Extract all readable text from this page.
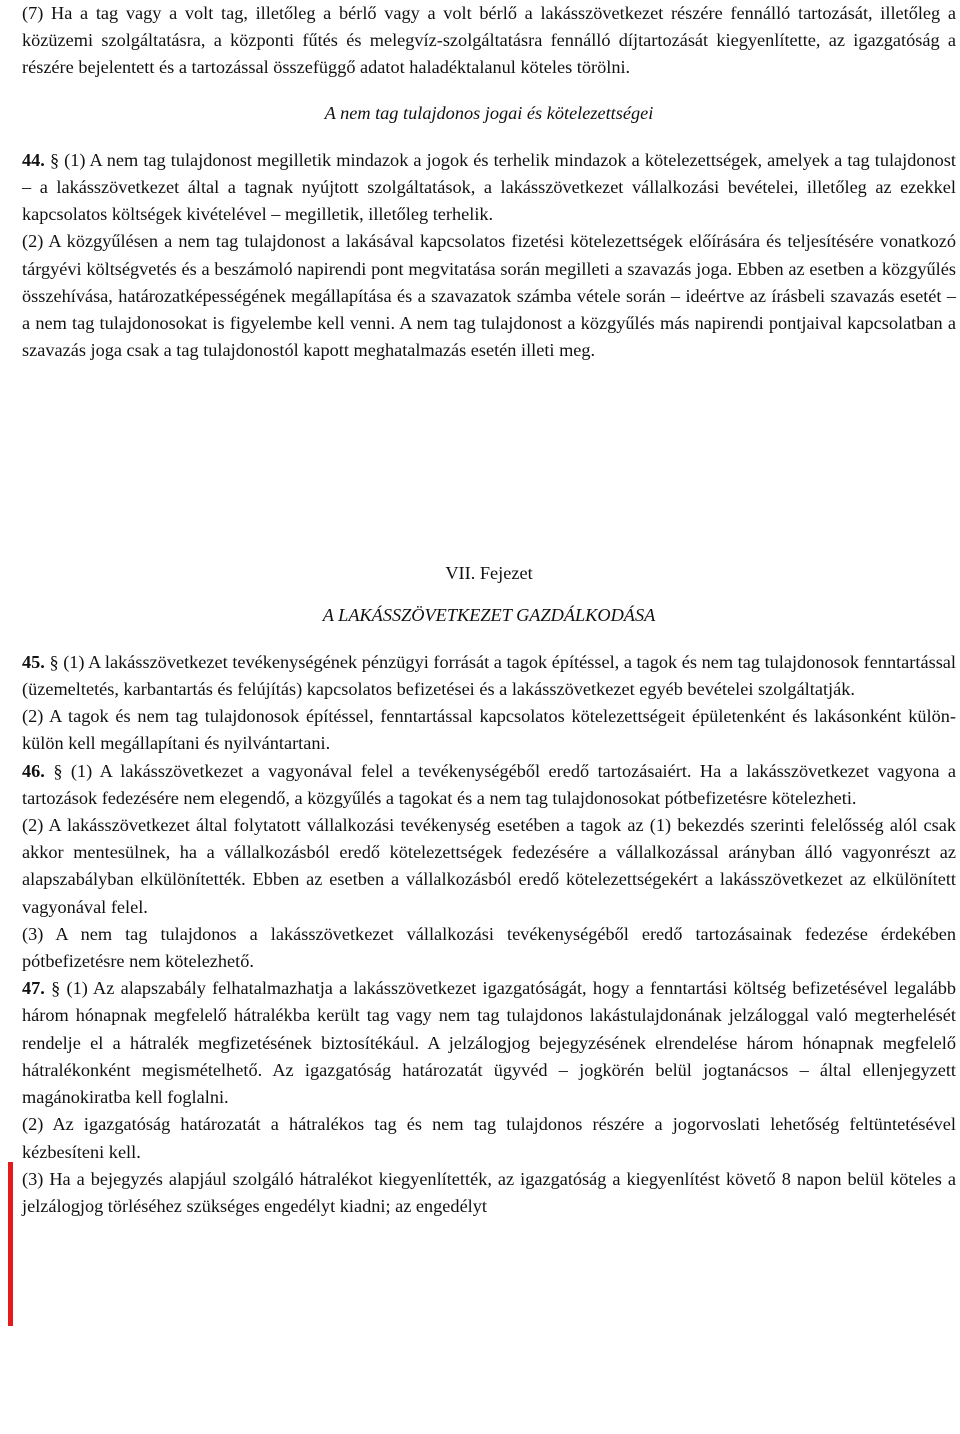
(7) Ha a tag vagy a volt tag, illetőleg a bérlő vagy a volt bérlő a lakásszövetkezet részére fennálló tartozását, illetőleg a közüzemi szolgáltatásra, a központi fűtés és melegvíz-szolgáltatásra fennálló díjtartozását kiegyenlítette, az igazgatóság a részére bejelentett és a tartozással összefüggő adatot haladéktalanul köteles törölni.

A nem tag tulajdonos jogai és kötelezettségei

44. § (1) A nem tag tulajdonost megilletik mindazok a jogok és terhelik mindazok a kötelezettségek, amelyek a tag tulajdonost – a lakásszövetkezet által a tagnak nyújtott szolgáltatások, a lakásszövetkezet vállalkozási bevételei, illetőleg az ezekkel kapcsolatos költségek kivételével – megilletik, illetőleg terhelik.

(2) A közgyűlésen a nem tag tulajdonost a lakásával kapcsolatos fizetési kötelezettségek előírására és teljesítésére vonatkozó tárgyévi költségvetés és a beszámoló napirendi pont megvitatása során megilleti a szavazás joga. Ebben az esetben a közgyűlés összehívása, határozatképességének megállapítása és a szavazatok számba vétele során – ideértve az írásbeli szavazás esetét – a nem tag tulajdonosokat is figyelembe kell venni. A nem tag tulajdonost a közgyűlés más napirendi pontjaival kapcsolatban a szavazás joga csak a tag tulajdonostól kapott meghatalmazás esetén illeti meg.

VII. Fejezet

A LAKÁSSZÖVETKEZET GAZDÁLKODÁSA

45. § (1) A lakásszövetkezet tevékenységének pénzügyi forrását a tagok építéssel, a tagok és nem tag tulajdonosok fenntartással (üzemeltetés, karbantartás és felújítás) kapcsolatos befizetései és a lakásszövetkezet egyéb bevételei szolgáltatják.

(2) A tagok és nem tag tulajdonosok építéssel, fenntartással kapcsolatos kötelezettségeit épületenként és lakásonként külön-külön kell megállapítani és nyilvántartani.

46. § (1) A lakásszövetkezet a vagyonával felel a tevékenységéből eredő tartozásaiért. Ha a lakásszövetkezet vagyona a tartozások fedezésére nem elegendő, a közgyűlés a tagokat és a nem tag tulajdonosokat pótbefizetésre kötelezheti.

(2) A lakásszövetkezet által folytatott vállalkozási tevékenység esetében a tagok az (1) bekezdés szerinti felelősség alól csak akkor mentesülnek, ha a vállalkozásból eredő kötelezettségek fedezésére a vállalkozással arányban álló vagyonrészt az alapszabályban elkülönítették. Ebben az esetben a vállalkozásból eredő kötelezettségekért a lakásszövetkezet az elkülönített vagyonával felel.

(3) A nem tag tulajdonos a lakásszövetkezet vállalkozási tevékenységéből eredő tartozásainak fedezése érdekében pótbefizetésre nem kötelezhető.

47. § (1) Az alapszabály felhatalmazhatja a lakásszövetkezet igazgatóságát, hogy a fenntartási költség befizetésével legalább három hónapnak megfelelő hátralékba került tag vagy nem tag tulajdonos lakástulajdonának jelzáloggal való megterhelését rendelje el a hátralék megfizetésének biztosítékául. A jelzálogjog bejegyzésének elrendelése három hónapnak megfelelő hátralékonként megismételhető. Az igazgatóság határozatát ügyvéd – jogkörén belül jogtanácsos – által ellenjegyzett magánokiratba kell foglalni.

(2) Az igazgatóság határozatát a hátralékos tag és nem tag tulajdonos részére a jogorvoslati lehetőség feltüntetésével kézbesíteni kell.

(3) Ha a bejegyzés alapjául szolgáló hátralékot kiegyenlítették, az igazgatóság a kiegyenlítést követő 8 napon belül köteles a jelzálogjog törléséhez szükséges engedélyt kiadni; az engedélyt
